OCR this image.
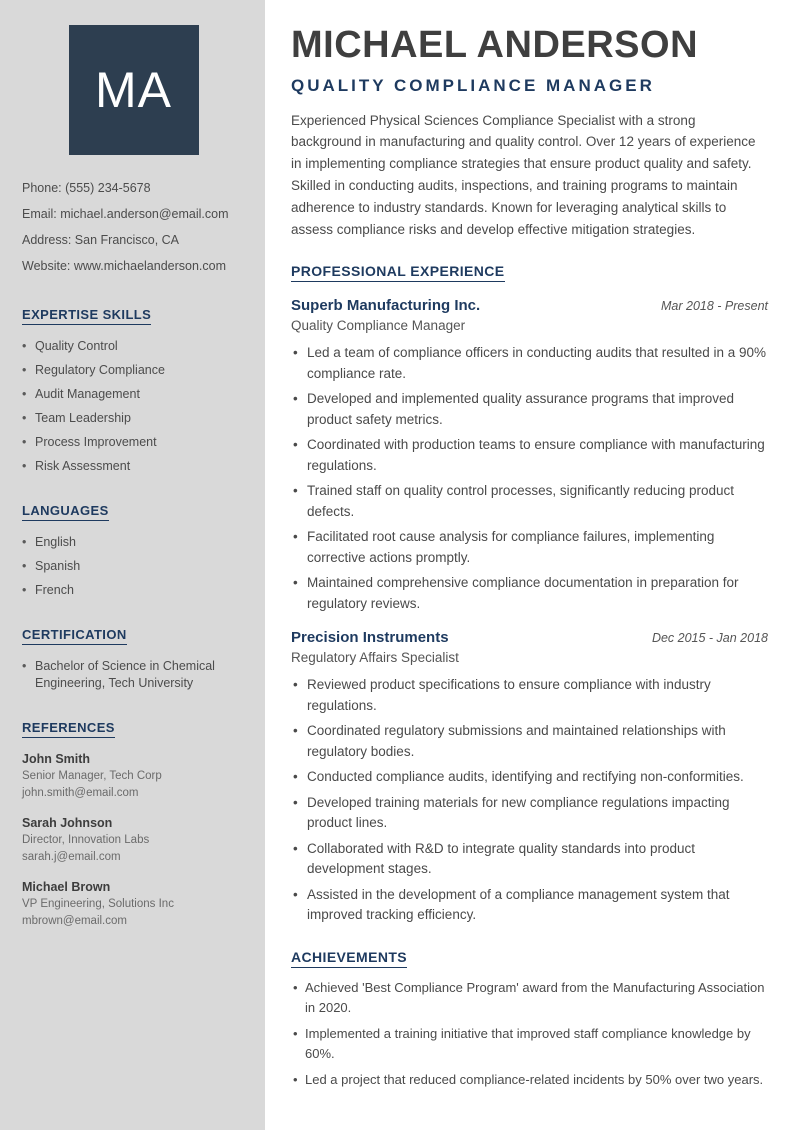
MA
Phone: (555) 234-5678
Email: michael.anderson@email.com
Address: San Francisco, CA
Website: www.michaelanderson.com
EXPERTISE SKILLS
• Quality Control
• Regulatory Compliance
• Audit Management
• Team Leadership
• Process Improvement
• Risk Assessment
LANGUAGES
• English
• Spanish
• French
CERTIFICATION
• Bachelor of Science in Chemical Engineering, Tech University
REFERENCES
John Smith
Senior Manager, Tech Corp
john.smith@email.com
Sarah Johnson
Director, Innovation Labs
sarah.j@email.com
Michael Brown
VP Engineering, Solutions Inc
mbrown@email.com
MICHAEL ANDERSON
QUALITY COMPLIANCE MANAGER

Experienced Physical Sciences Compliance Specialist with a strong background in manufacturing and quality control. Over 12 years of experience in implementing compliance strategies that ensure product quality and safety. Skilled in conducting audits, inspections, and training programs to maintain adherence to industry standards. Known for leveraging analytical skills to assess compliance risks and develop effective mitigation strategies.

PROFESSIONAL EXPERIENCE
Superb Manufacturing Inc.	Mar 2018 - Present
Quality Compliance Manager
• Led a team of compliance officers in conducting audits that resulted in a 90% compliance rate.
• Developed and implemented quality assurance programs that improved product safety metrics.
• Coordinated with production teams to ensure compliance with manufacturing regulations.
• Trained staff on quality control processes, significantly reducing product defects.
• Facilitated root cause analysis for compliance failures, implementing corrective actions promptly.
• Maintained comprehensive compliance documentation in preparation for regulatory reviews.
Precision Instruments	Dec 2015 - Jan 2018
Regulatory Affairs Specialist
• Reviewed product specifications to ensure compliance with industry regulations.
• Coordinated regulatory submissions and maintained relationships with regulatory bodies.
• Conducted compliance audits, identifying and rectifying non-conformities.
• Developed training materials for new compliance regulations impacting product lines.
• Collaborated with R&D to integrate quality standards into product development stages.
• Assisted in the development of a compliance management system that improved tracking efficiency.
ACHIEVEMENTS
• Achieved 'Best Compliance Program' award from the Manufacturing Association in 2020.
• Implemented a training initiative that improved staff compliance knowledge by 60%.
• Led a project that reduced compliance-related incidents by 50% over two years.
